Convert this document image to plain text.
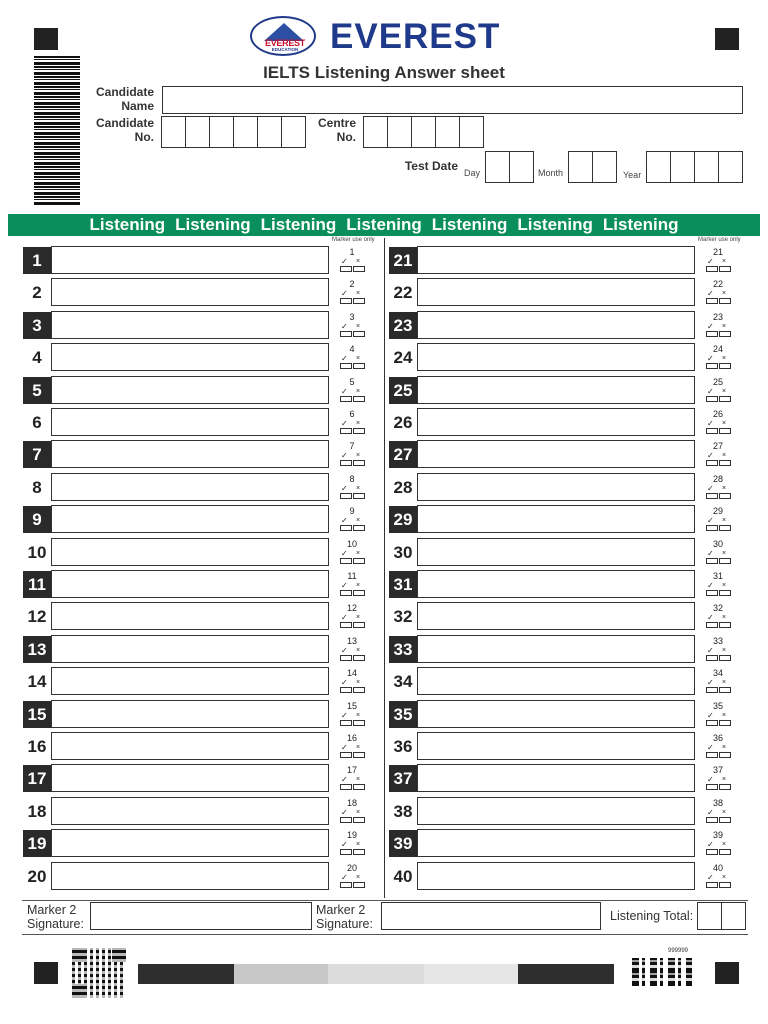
EVEREST
EDUCATION EVEREST
IELTS Listening Answer sheet
Candidate
Name
Candidate
No.
Centre
No.
Test Date Day	Month	Year
Listening Listening Listening Listening Listening Listening Listening
Marker use only	Marker use only
1	1
✓ ×
2	2
✓ ×
3	3
✓ ×
4	4
✓ ×
5	5
✓ ×
6	6
✓ ×
7	7
✓ ×
8	8
✓ ×
9	9
✓ ×
10	10
✓ ×
11	11
✓ ×
12	12
✓ ×
13	13
✓ ×
14	14
✓ ×
15	15
✓ ×
16	16
✓ ×
17	17
✓ ×
18	18
✓ ×
19	19
✓ ×
20	20
✓ ×
21	21
✓ ×
22	22
✓ ×
23	23
✓ ×
24	24
✓ ×
25	25
✓ ×
26	26
✓ ×
27	27
✓ ×
28	28
✓ ×
29	29
✓ ×
30	30
✓ ×
31	31
✓ ×
32	32
✓ ×
33	33
✓ ×
34	34
✓ ×
35	35
✓ ×
36	36
✓ ×
37	37
✓ ×
38	38
✓ ×
39	39
✓ ×
40	40
✓ ×
Marker 2
Signature:
Marker 2
Signature:
Listening Total:
999999
